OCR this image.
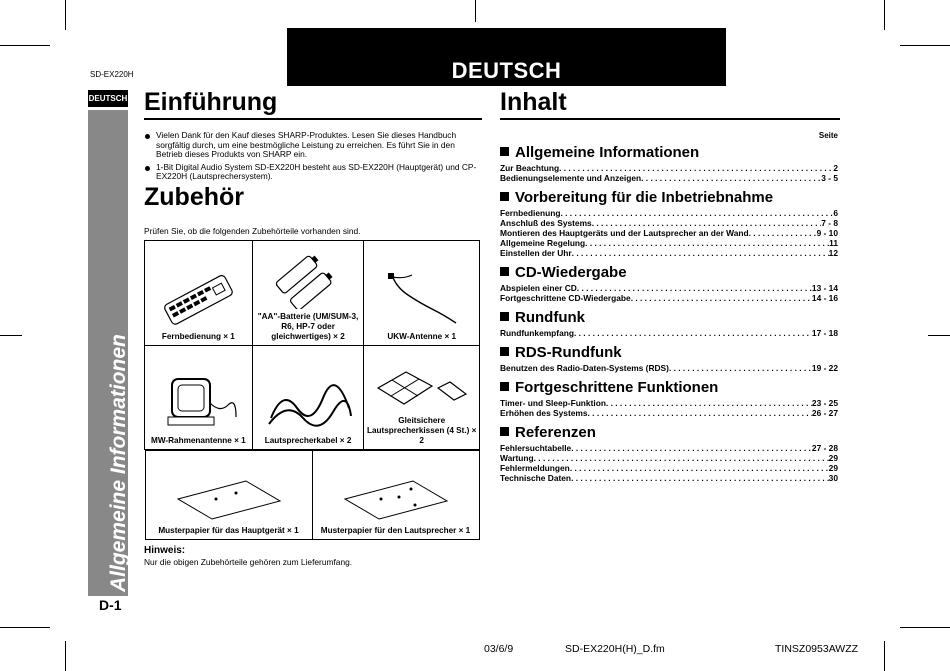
DEUTSCH
SD-EX220H
DEUTSCH
Allgemeine Informationen - Zubehör / Inhalt -
D-1
Einführung
Vielen Dank für den Kauf dieses SHARP-Produktes. Lesen Sie dieses Handbuch sorgfältig durch, um eine bestmögliche Leistung zu erreichen. Es führt Sie in den Betrieb dieses Produkts von SHARP ein.
1-Bit Digital Audio System SD-EX220H besteht aus SD-EX220H (Hauptgerät) und CP-EX220H (Lautsprechersystem).
Zubehör
Prüfen Sie, ob die folgenden Zubehörteile vorhanden sind.
Fernbedienung × 1

"AA"-Batterie (UM/SUM-3, R6, HP-7 oder gleichwertiges) × 2	UKW-Antenne × 1

MW-Rahmenantenne × 1	Lautsprecherkabel × 2

Gleitsichere Lautsprecherkissen (4 St.) × 2

Musterpapier für das Hauptgerät × 1	Musterpapier für den Lautsprecher × 1
Hinweis:
Nur die obigen Zubehörteile gehören zum Lieferumfang.
Inhalt
Seite
Allgemeine Informationen
Zur Beachtung . . .	2
Bedienungselemente und Anzeigen . . .	3 - 5
Vorbereitung für die Inbetriebnahme
Fernbedienung . . .	6
Anschluß des Systems . . .	7 - 8
Montieren des Hauptgeräts und der Lautsprecher an der Wand . . .	9 - 10
Allgemeine Regelung . . .	11
Einstellen der Uhr . . .	12
CD-Wiedergabe
Abspielen einer CD . . .	13 - 14
Fortgeschrittene CD-Wiedergabe . . .	14 - 16
Rundfunk
Rundfunkempfang . . .	17 - 18
RDS-Rundfunk
Benutzen des Radio-Daten-Systems (RDS) . . .	19 - 22
Fortgeschrittene Funktionen
Timer- und Sleep-Funktion . . .	23 - 25
Erhöhen des Systems . . .	26 - 27
Referenzen
Fehlersuchtabelle . . .	27 - 28
Wartung . . .	29
Fehlermeldungen . . .	29
Technische Daten . . .	30
03/6/9	SD-EX220H(H)_D.fm	TINSZ0953AWZZ
